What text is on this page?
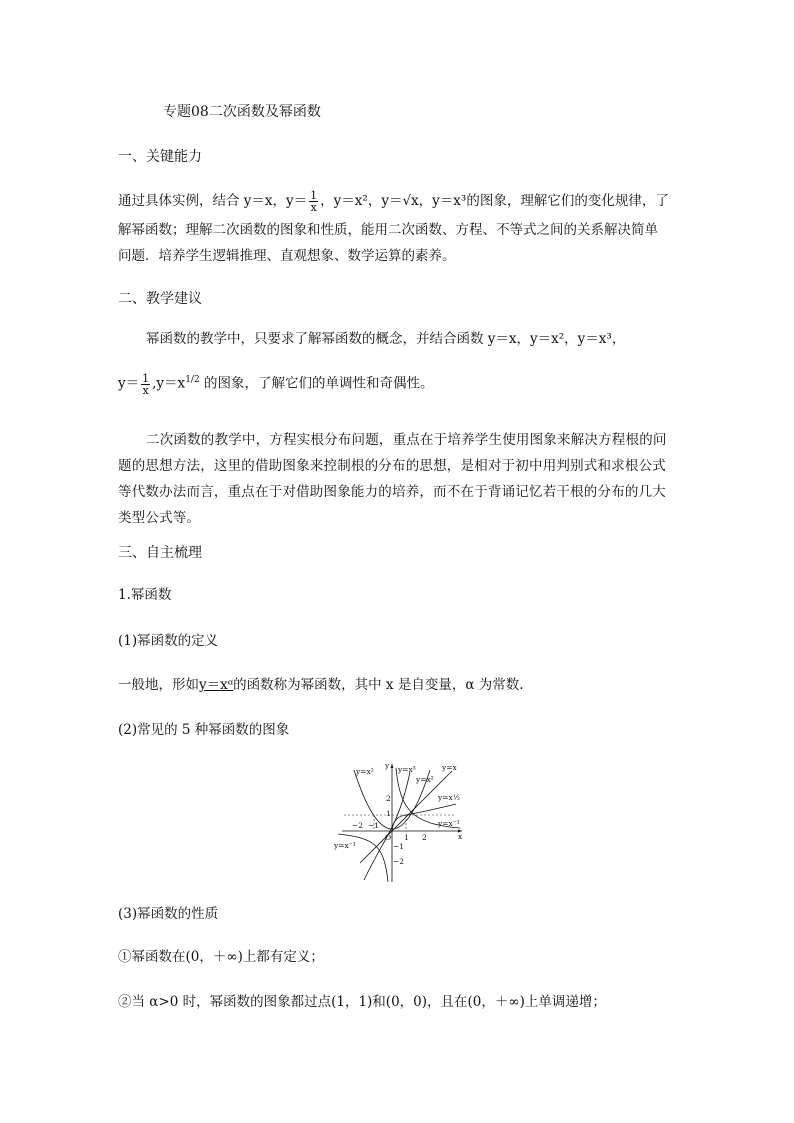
专题08二次函数及幂函数
一、关键能力
通过具体实例，结合 y＝x，$y= \frac{1}{x}$ ，y＝x²，y＝√x，y＝x³的图象，理解它们的变化规律，了
解幂函数；理解二次函数的图象和性质，能用二次函数、方程、不等式之间的关系解决简单
问题．培养学生逻辑推理、直观想象、数学运算的素养。
二、教学建议
幂函数的教学中，只要求了解幂函数的概念，并结合函数 y＝x，y＝x²，y＝x³，
$y= \frac{1}{x} ,y=x^{1/2}$ 的图象，了解它们的单调性和奇偶性。
二次函数的教学中，方程实根分布问题，重点在于培养学生使用图象来解决方程根的问题的思想方法，这里的借助图象来控制根的分布的思想，是相对于初中用判别式和求根公式等代数办法而言，重点在于对借助图象能力的培养，而不在于背诵记忆若干根的分布的几大类型公式等。
三、自主梳理
1.幂函数
(1)幂函数的定义
一般地，形如y＝xᵅ的函数称为幂函数，其中 x 是自变量，α 为常数.
(2)常见的 5 种幂函数的图象
y=x²	y=x³
y=x²
y=x
y=x½
y=x⁻¹
y=x⁻¹
y
x
O
2
1
−1
−2
−2 −1
1 2
(3)幂函数的性质
①幂函数在(0，＋∞)上都有定义；
②当 α>0 时，幂函数的图象都过点(1，1)和(0，0)，且在(0，＋∞)上单调递增；
